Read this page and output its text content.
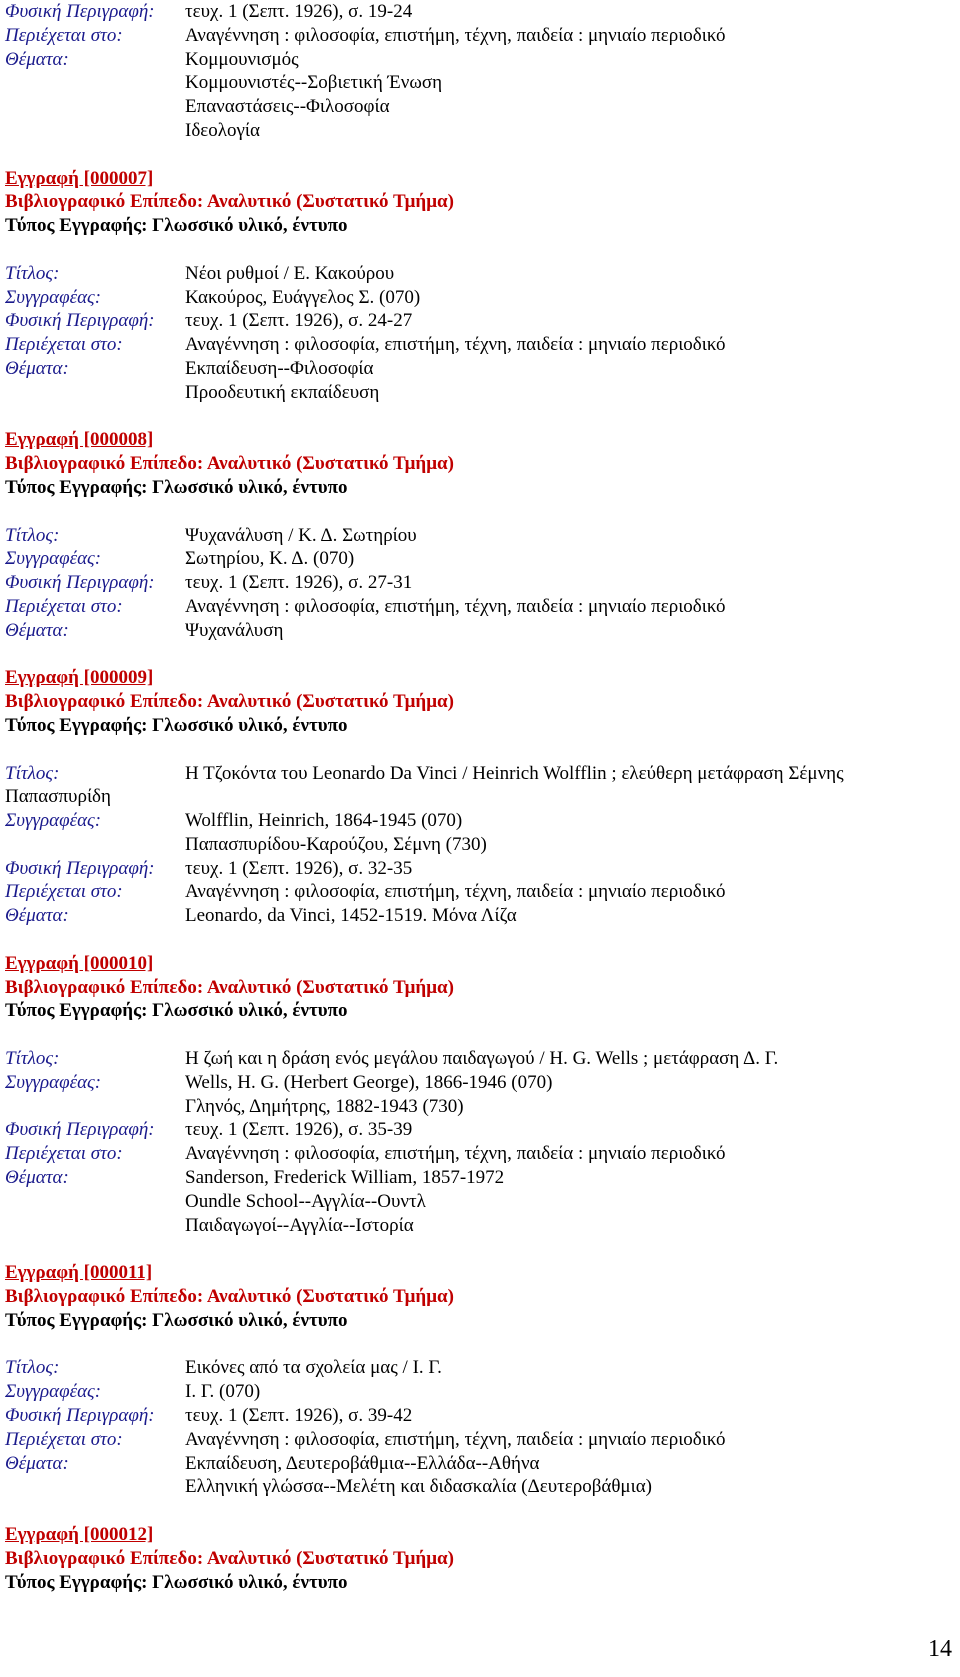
Φυσική Περιγραφή:	τευχ. 1 (Σεπτ. 1926), σ. 19-24
Περιέχεται στο:	Αναγέννηση : φιλοσοφία, επιστήμη, τέχνη, παιδεία : μηνιαίο περιοδικό
Θέματα:	Κομμουνισμός
Κομμουνιστές--Σοβιετική Ένωση
Επαναστάσεις--Φιλοσοφία
Ιδεολογία
Εγγραφή [000007]
Βιβλιογραφικό Επίπεδο: Αναλυτικό (Συστατικό Τμήμα)
Τύπος Εγγραφής: Γλωσσικό υλικό, έντυπο
Τίτλος:	Νέοι ρυθμοί / Ε. Κακούρου
Συγγραφέας:	Κακούρος, Ευάγγελος Σ. (070)
Φυσική Περιγραφή:	τευχ. 1 (Σεπτ. 1926), σ. 24-27
Περιέχεται στο:	Αναγέννηση : φιλοσοφία, επιστήμη, τέχνη, παιδεία : μηνιαίο περιοδικό
Θέματα:	Εκπαίδευση--Φιλοσοφία
Προοδευτική εκπαίδευση
Εγγραφή [000008]
Βιβλιογραφικό Επίπεδο: Αναλυτικό (Συστατικό Τμήμα)
Τύπος Εγγραφής: Γλωσσικό υλικό, έντυπο
Τίτλος:	Ψυχανάλυση / Κ. Δ. Σωτηρίου
Συγγραφέας:	Σωτηρίου, Κ. Δ. (070)
Φυσική Περιγραφή:	τευχ. 1 (Σεπτ. 1926), σ. 27-31
Περιέχεται στο:	Αναγέννηση : φιλοσοφία, επιστήμη, τέχνη, παιδεία : μηνιαίο περιοδικό
Θέματα:	Ψυχανάλυση
Εγγραφή [000009]
Βιβλιογραφικό Επίπεδο: Αναλυτικό (Συστατικό Τμήμα)
Τύπος Εγγραφής: Γλωσσικό υλικό, έντυπο
Τίτλος:	Η Τζοκόντα του Leonardo Da Vinci / Heinrich Wolfflin ; ελεύθερη μετάφραση Σέμνης
Παπασπυρίδη
Συγγραφέας:	Wolfflin, Heinrich, 1864-1945 (070)
Παπασπυρίδου-Καρούζου, Σέμνη (730)
Φυσική Περιγραφή:	τευχ. 1 (Σεπτ. 1926), σ. 32-35
Περιέχεται στο:	Αναγέννηση : φιλοσοφία, επιστήμη, τέχνη, παιδεία : μηνιαίο περιοδικό
Θέματα:	Leonardo, da Vinci, 1452-1519. Μόνα Λίζα
Εγγραφή [000010]
Βιβλιογραφικό Επίπεδο: Αναλυτικό (Συστατικό Τμήμα)
Τύπος Εγγραφής: Γλωσσικό υλικό, έντυπο
Τίτλος:	Η ζωή και η δράση ενός μεγάλου παιδαγωγού / H. G. Wells ; μετάφραση Δ. Γ.
Συγγραφέας:	Wells, H. G. (Herbert George), 1866-1946 (070)
Γληνός, Δημήτρης, 1882-1943 (730)
Φυσική Περιγραφή:	τευχ. 1 (Σεπτ. 1926), σ. 35-39
Περιέχεται στο:	Αναγέννηση : φιλοσοφία, επιστήμη, τέχνη, παιδεία : μηνιαίο περιοδικό
Θέματα:	Sanderson, Frederick William, 1857-1972
Oundle School--Αγγλία--Ουντλ
Παιδαγωγοί--Αγγλία--Ιστορία
Εγγραφή [000011]
Βιβλιογραφικό Επίπεδο: Αναλυτικό (Συστατικό Τμήμα)
Τύπος Εγγραφής: Γλωσσικό υλικό, έντυπο
Τίτλος:	Εικόνες από τα σχολεία μας / Ι. Γ.
Συγγραφέας:	Ι. Γ. (070)
Φυσική Περιγραφή:	τευχ. 1 (Σεπτ. 1926), σ. 39-42
Περιέχεται στο:	Αναγέννηση : φιλοσοφία, επιστήμη, τέχνη, παιδεία : μηνιαίο περιοδικό
Θέματα:	Εκπαίδευση, Δευτεροβάθμια--Ελλάδα--Αθήνα
Ελληνική γλώσσα--Μελέτη και διδασκαλία (Δευτεροβάθμια)
Εγγραφή [000012]
Βιβλιογραφικό Επίπεδο: Αναλυτικό (Συστατικό Τμήμα)
Τύπος Εγγραφής: Γλωσσικό υλικό, έντυπο
14
